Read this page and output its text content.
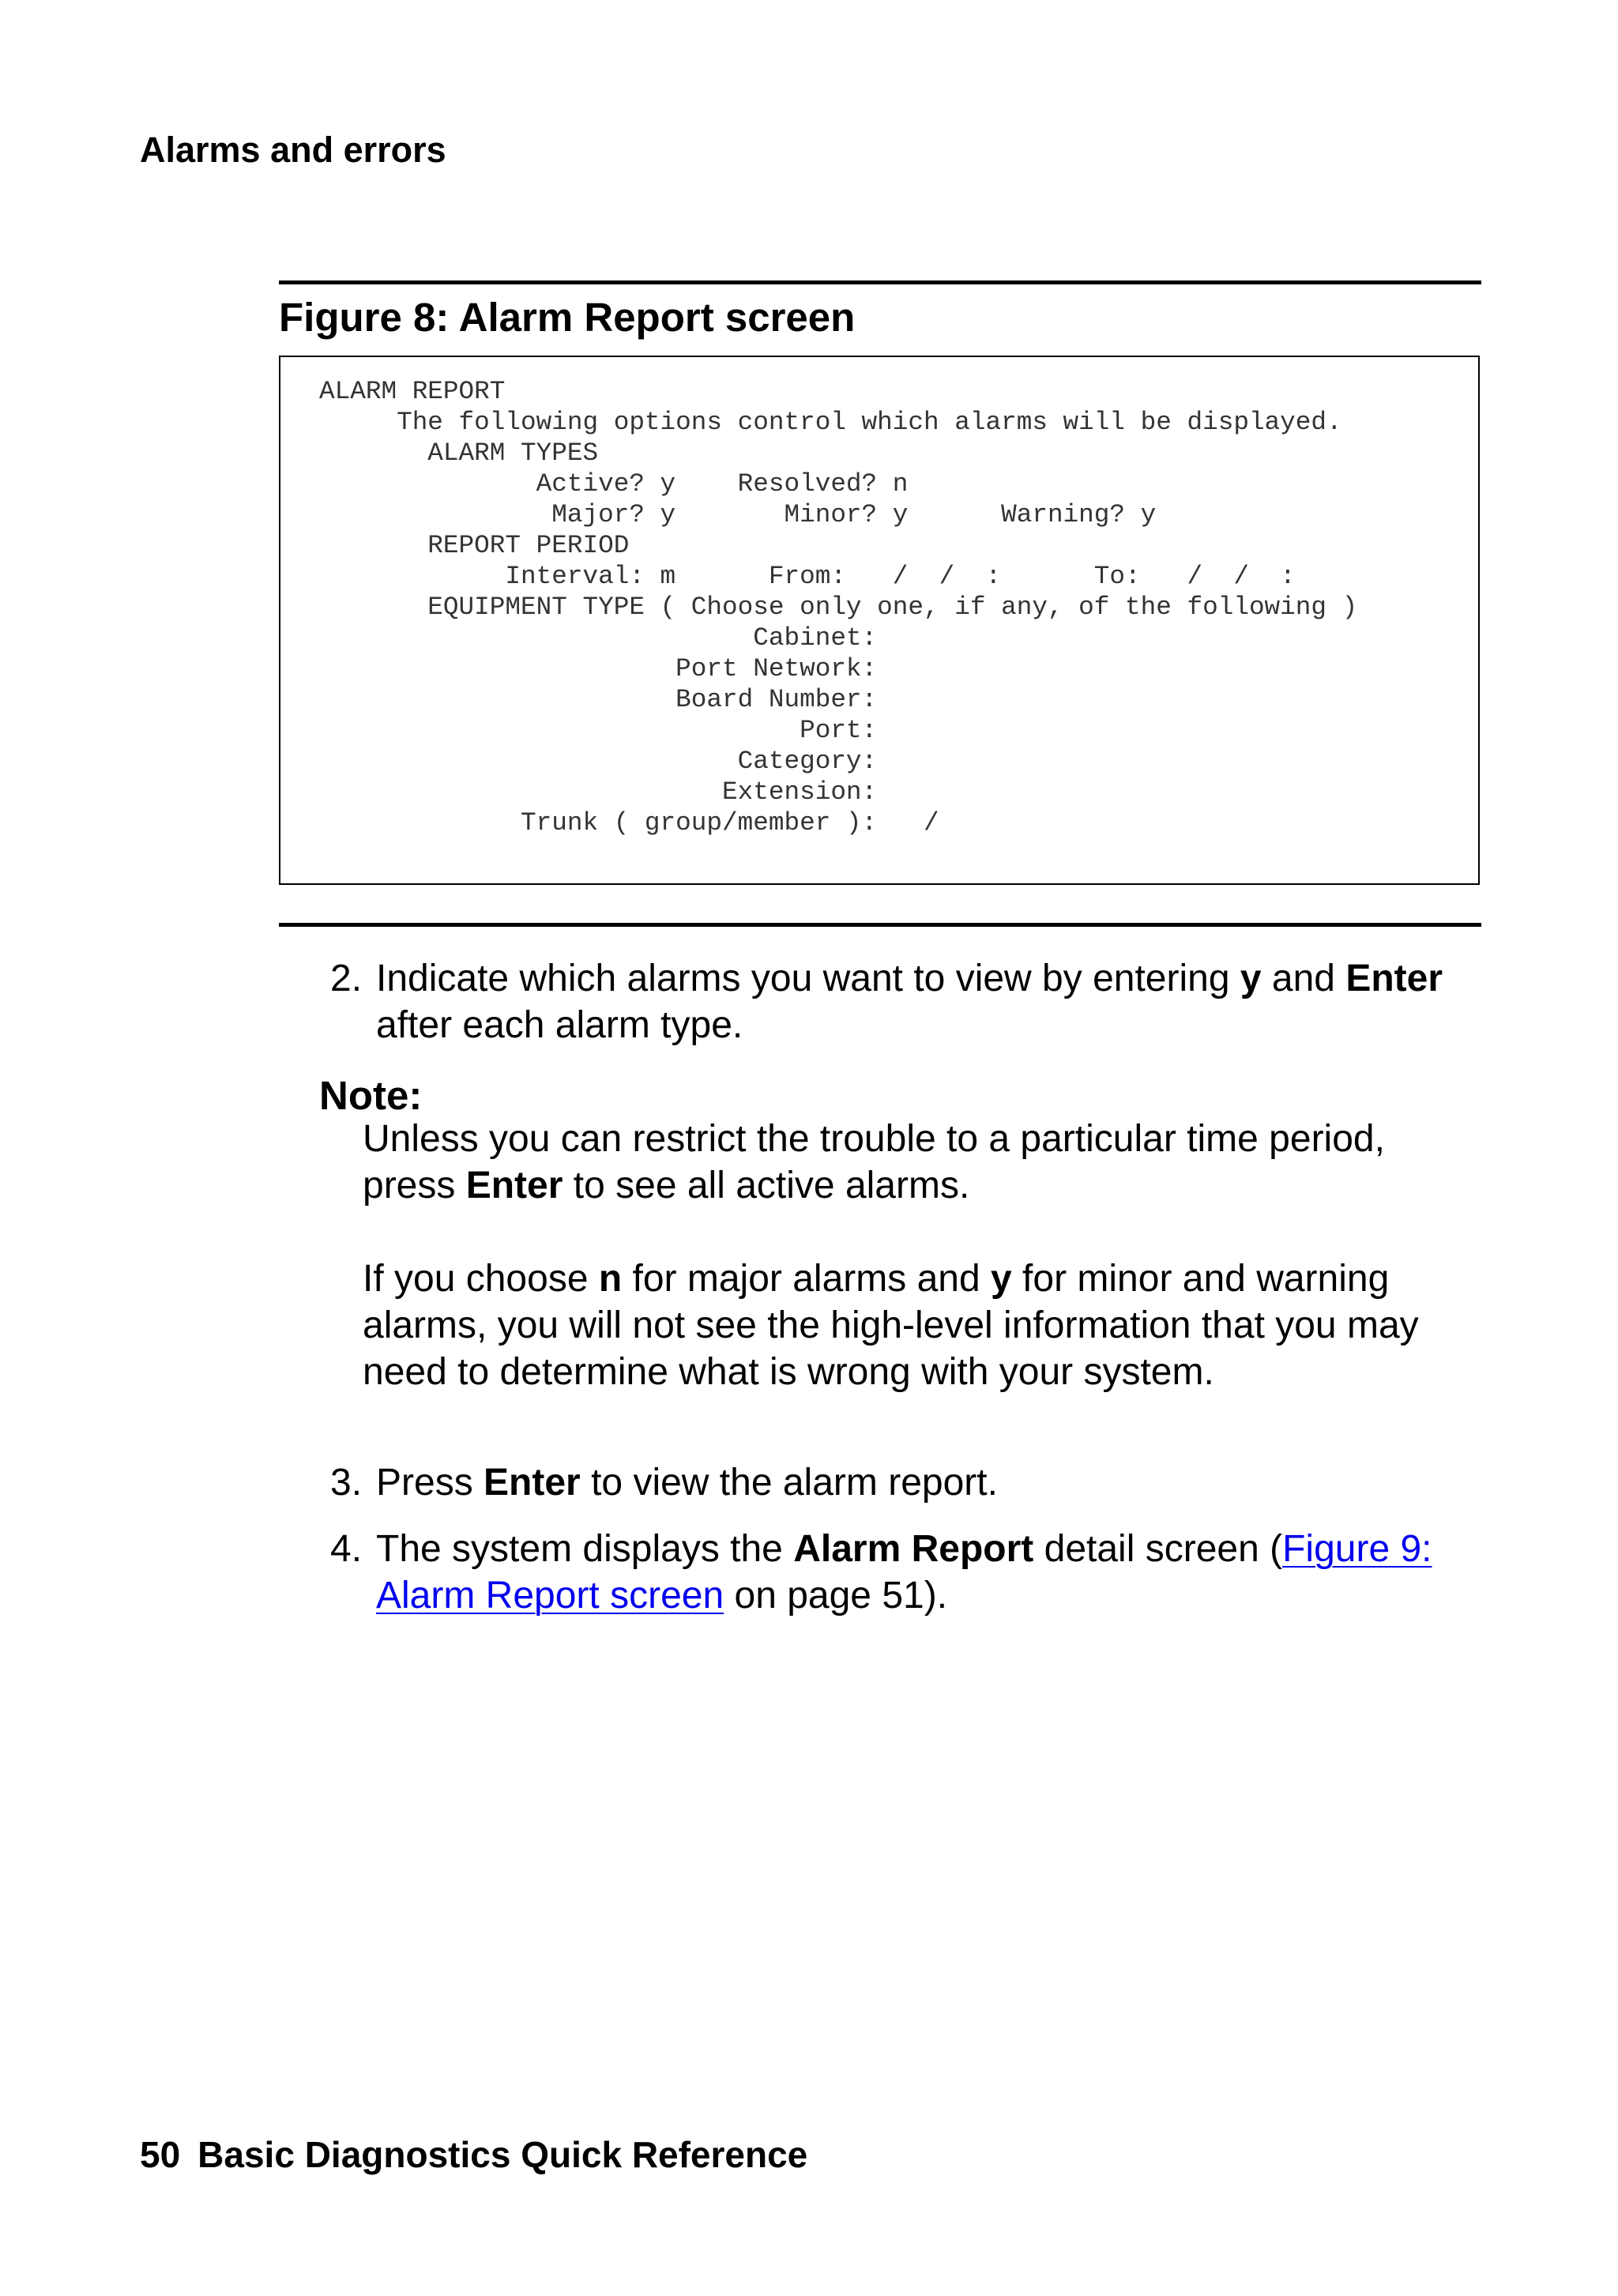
Alarms and errors
Figure 8: Alarm Report screen
ALARM REPORT
The following options control which alarms will be displayed.
ALARM TYPES
Active? y    Resolved? n
Major? y       Minor? y      Warning? y
REPORT PERIOD
Interval: m      From:   /  /  :      To:   /  /  :
EQUIPMENT TYPE ( Choose only one, if any, of the following )
Cabinet:
Port Network:
Board Number:
Port:
Category:
Extension:
Trunk ( group/member ):   /

2. Indicate which alarms you want to view by entering y and Enter after each alarm type.

Note:

Unless you can restrict the trouble to a particular time period, press Enter to see all active alarms.

If you choose n for major alarms and y for minor and warning alarms, you will not see the high-level information that you may need to determine what is wrong with your system.

3. Press Enter to view the alarm report.

4. The system displays the Alarm Report detail screen (Figure 9: Alarm Report screen on page 51).

50 Basic Diagnostics Quick Reference
